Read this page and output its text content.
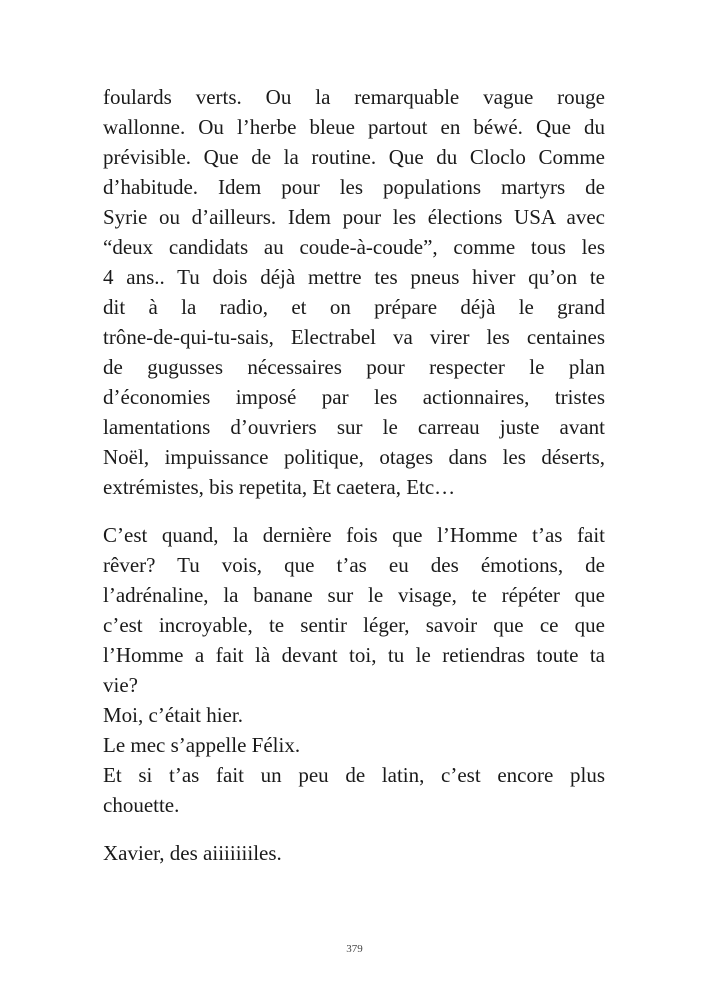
foulards verts. Ou la remarquable vague rouge
wallonne. Ou l’herbe bleue partout en béwé. Que du
prévisible. Que de la routine. Que du Cloclo Comme
d’habitude. Idem pour les populations martyrs de
Syrie ou d’ailleurs. Idem pour les élections USA avec
“deux candidats au coude-à-coude”, comme tous les
4 ans.. Tu dois déjà mettre tes pneus hiver qu’on te
dit à la radio, et on prépare déjà le grand
trône-de-qui-tu-sais, Electrabel va virer les centaines
de gugusses nécessaires pour respecter le plan
d’économies imposé par les actionnaires, tristes
lamentations d’ouvriers sur le carreau juste avant
Noël, impuissance politique, otages dans les déserts,
extrémistes, bis repetita, Et caetera, Etc…
C’est quand, la dernière fois que l’Homme t’as fait
rêver? Tu vois, que t’as eu des émotions, de
l’adrénaline, la banane sur le visage, te répéter que
c’est incroyable, te sentir léger, savoir que ce que
l’Homme a fait là devant toi, tu le retiendras toute ta
vie?
Moi, c’était hier.
Le mec s’appelle Félix.
Et si t’as fait un peu de latin, c’est encore plus
chouette.
Xavier, des aiiiiiiiles.
379
